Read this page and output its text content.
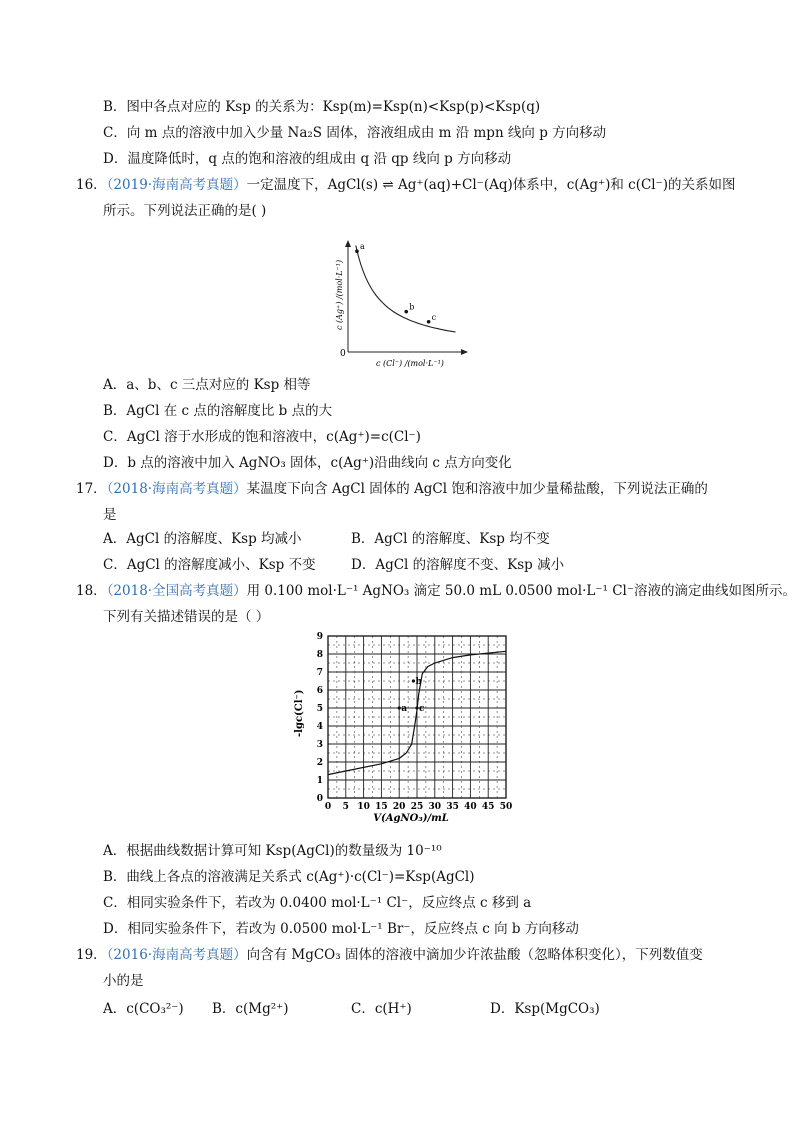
B．图中各点对应的 Ksp 的关系为：Ksp(m)=Ksp(n)<Ksp(p)<Ksp(q)
C．向 m 点的溶液中加入少量 Na₂S 固体，溶液组成由 m 沿 mpn 线向 p 方向移动
D．温度降低时，q 点的饱和溶液的组成由 q 沿 qp 线向 p 方向移动
16．（2019·海南高考真题）一定温度下，AgCl(s) ⇌ Ag⁺(aq)+Cl⁻(Aq)体系中，c(Ag⁺)和 c(Cl⁻)的关系如图
所示。下列说法正确的是( )
a
b
c
0
c (Cl⁻) /(mol·L⁻¹)
c (Ag⁺) /(mol·L⁻¹)
A．a、b、c 三点对应的 Ksp 相等
B．AgCl 在 c 点的溶解度比 b 点的大
C．AgCl 溶于水形成的饱和溶液中，c(Ag⁺)=c(Cl⁻)
D．b 点的溶液中加入 AgNO₃ 固体，c(Ag⁺)沿曲线向 c 点方向变化
17．（2018·海南高考真题）某温度下向含 AgCl 固体的 AgCl 饱和溶液中加少量稀盐酸，下列说法正确的
是
A．AgCl 的溶解度、Ksp 均减小	B．AgCl 的溶解度、Ksp 均不变
C．AgCl 的溶解度减小、Ksp 不变	D．AgCl 的溶解度不变、Ksp 减小
18．（2018·全国高考真题）用 0.100 mol·L⁻¹ AgNO₃ 滴定 50.0 mL 0.0500 mol·L⁻¹ Cl⁻溶液的滴定曲线如图所示。
下列有关描述错误的是（ ）
0 5 10 15 20 25 30 35 40 45 50
0
1
2
3
4
5
6
7
8
9
a
b
c
V(AgNO₃)/mL
-lgc(Cl⁻)
A．根据曲线数据计算可知 Ksp(AgCl)的数量级为 10⁻¹⁰
B．曲线上各点的溶液满足关系式 c(Ag⁺)·c(Cl⁻)=Ksp(AgCl)
C．相同实验条件下，若改为 0.0400 mol·L⁻¹ Cl⁻，反应终点 c 移到 a
D．相同实验条件下，若改为 0.0500 mol·L⁻¹ Br⁻，反应终点 c 向 b 方向移动
19．（2016·海南高考真题）向含有 MgCO₃ 固体的溶液中滴加少许浓盐酸（忽略体积变化），下列数值变
小的是
A．c(CO₃²⁻) B．c(Mg²⁺)	C．c(H⁺)	D．Ksp(MgCO₃)
